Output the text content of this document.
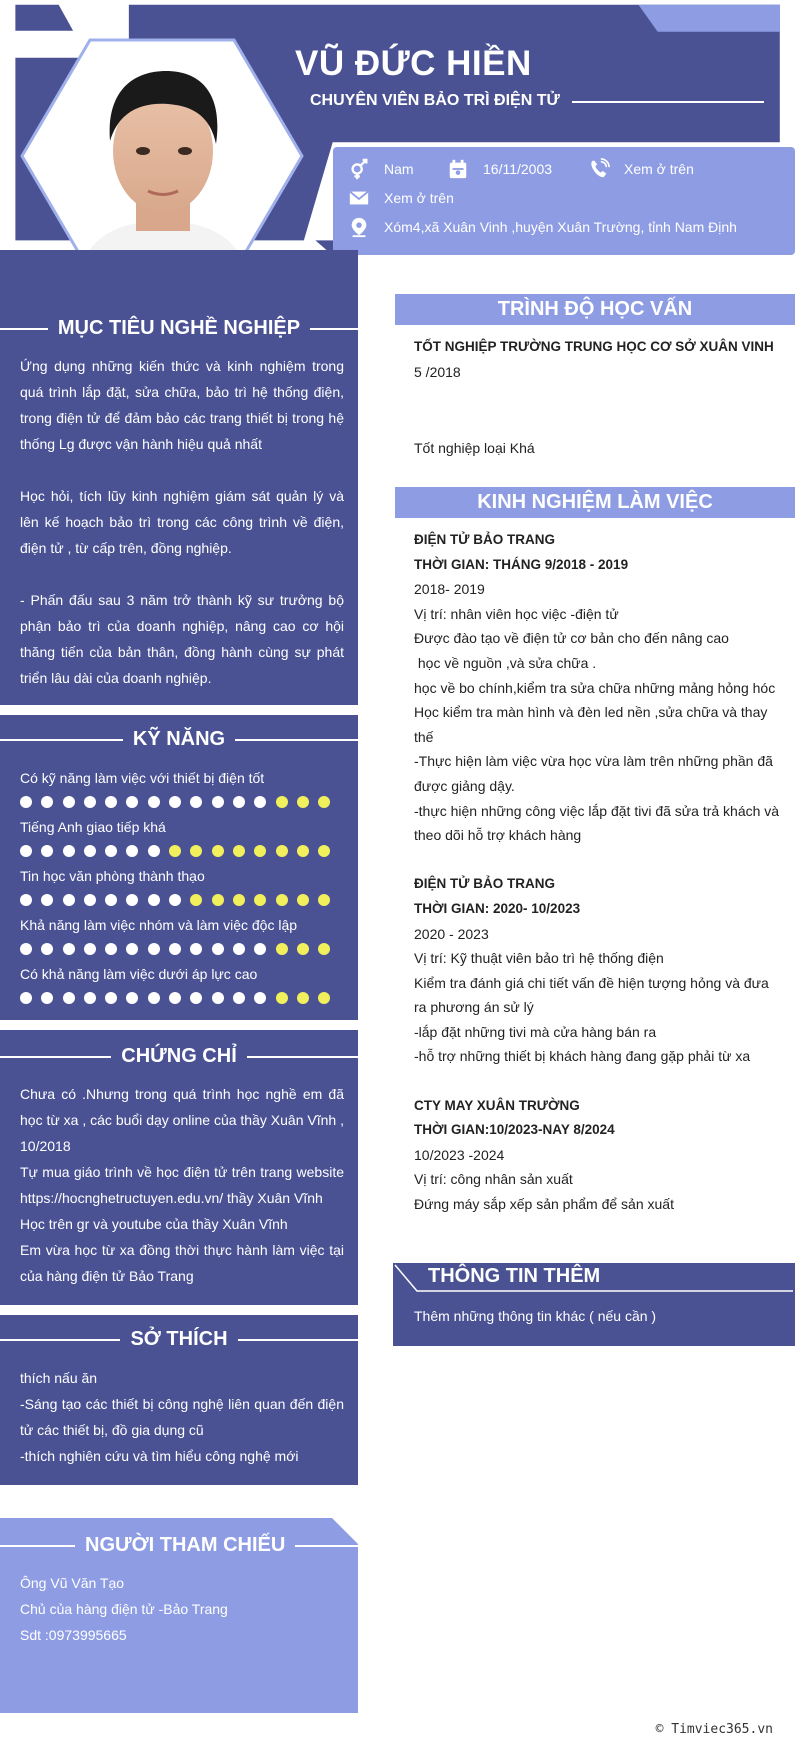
VŨ ĐỨC HIỀN
CHUYÊN VIÊN BẢO TRÌ ĐIỆN TỬ
Nam	16/11/2003	Xem ở trên
Xem ở trên
Xóm4,xã Xuân Vinh ,huyện Xuân Trường, tỉnh Nam Định
MỤC TIÊU NGHỀ NGHIỆP

Ứng dụng những kiến thức và kinh nghiệm trong quá trình lắp đặt, sửa chữa, bảo trì hệ thống điện, trong điện tử để đảm bảo các trang thiết bị trong hệ thống Lg được vận hành hiệu quả nhất

Học hỏi, tích lũy kinh nghiệm giám sát quản lý và lên kế hoạch bảo trì trong các công trình về điện, điện tử , từ cấp trên, đồng nghiệp.

- Phấn đấu sau 3 năm trở thành kỹ sư trưởng bộ phận bảo trì của doanh nghiệp, nâng cao cơ hội thăng tiến của bản thân, đồng hành cùng sự phát triển lâu dài của doanh nghiệp.

KỸ NĂNG
Có kỹ năng làm việc với thiết bị điện tốt
Tiếng Anh giao tiếp khá
Tin học văn phòng thành thạo
Khả năng làm việc nhóm và làm việc độc lập
Có khả năng làm việc dưới áp lực cao
CHỨNG CHỈ

Chưa có .Nhưng trong quá trình học nghề em đã học từ xa , các buổi dạy online của thầy Xuân Vĩnh , 10/2018

Tự mua giáo trình về học điện tử trên trang website https://hocnghetructuyen.edu.vn/ thầy Xuân Vĩnh

Học trên gr và youtube của thầy Xuân Vĩnh

Em vừa học từ xa đồng thời thực hành làm việc tại của hàng điện tử Bảo Trang

SỞ THÍCH

thích nấu ăn

-Sáng tạo các thiết bị công nghệ liên quan đến điện tử các thiết bị, đồ gia dụng cũ

-thích nghiên cứu và tìm hiểu công nghệ mới

NGƯỜI THAM CHIẾU

Ông Vũ Văn Tạo

Chủ của hàng điện tử -Bảo Trang

Sdt :0973995665

TRÌNH ĐỘ HỌC VẤN
TỐT NGHIỆP TRƯỜNG TRUNG HỌC CƠ SỞ XUÂN VINH
5 /2018
Tốt nghiệp loại Khá
KINH NGHIỆM LÀM VIỆC
ĐIỆN TỬ BẢO TRANG
THỜI GIAN: THÁNG 9/2018 - 2019
2018- 2019
Vị trí: nhân viên học việc -điện tử
Được đào tạo về điện tử cơ bản cho đến nâng cao
học về nguồn ,và sửa chữa .
học về bo chính,kiểm tra sửa chữa những mảng hỏng hóc
Học kiểm tra màn hình và đèn led nền ,sửa chữa và thay thế
-Thực hiện làm việc vừa học vừa làm trên những phần đã được giảng dậy.
-thực hiện những công việc lắp đặt tivi đã sửa trả khách và theo dõi hỗ trợ khách hàng
ĐIỆN TỬ BẢO TRANG
THỜI GIAN: 2020- 10/2023
2020 - 2023
Vị trí: Kỹ thuật viên bảo trì hệ thống điện
Kiểm tra đánh giá chi tiết vấn đề hiện tượng hỏng và đưa ra phương án sử lý
-lắp đặt những tivi mà cửa hàng bán ra
-hỗ trợ những thiết bị khách hàng đang gặp phải từ xa
CTY MAY XUÂN TRƯỜNG
THỜI GIAN:10/2023-NAY 8/2024
10/2023 -2024
Vị trí: công nhân sản xuất
Đứng máy sắp xếp sản phẩm để sản xuất
THÔNG TIN THÊM
Thêm những thông tin khác ( nếu cần )
© Timviec365.vn
